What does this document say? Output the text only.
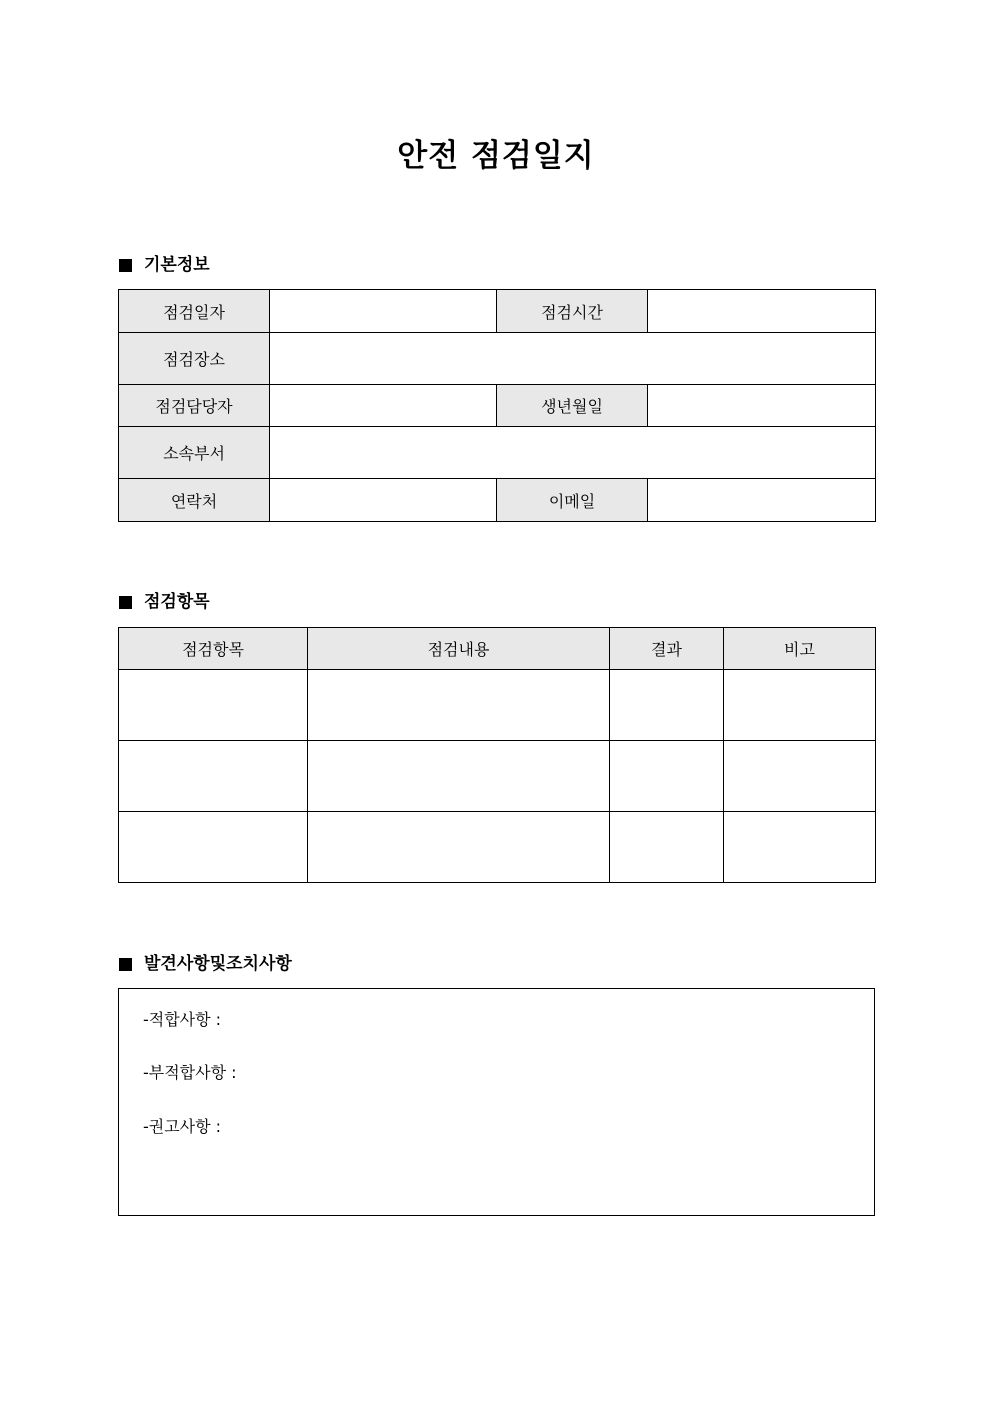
안전 점검일지
기본정보
점검일자		점검시간	
점검장소			
점검담당자		생년월일	
소속부서			
연락처		이메일	
점검항목
점검항목	점검내용	결과	비고

발견사항및조치사항
-적합사항 :
-부적합사항 :
-권고사항 :
